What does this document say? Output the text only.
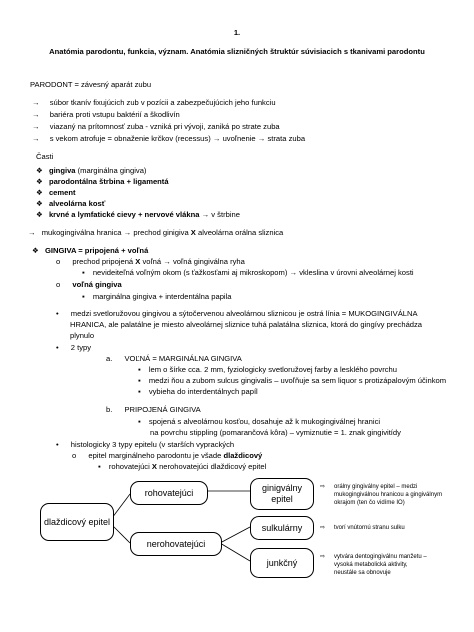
1.
Anatómia parodontu, funkcia, význam. Anatómia slizničných štruktúr súvisiacich s tkanivami parodontu
PARODONT = závesný aparát zubu
→ súbor tkanív fixujúcich zub v pozícii a zabezpečujúcich jeho funkciu
→ bariéra proti vstupu baktérií a škodlivín
→ viazaný na prítomnosť zuba - vzniká pri vývoji, zaniká po strate zuba
→ s vekom atrofuje = obnaženie krčkov (recessus) → uvoľnenie → strata zuba
Časti
❖ gingiva (marginálna gingiva)
❖ parodontálna štrbina + ligamentá
❖ cement
❖ alveolárna kosť
❖ krvné a lymfatické cievy + nervové vlákna → v štrbine
→ mukogingiválna hranica → prechod ginigiva X alveolárna orálna sliznica
❖ GINGIVA = pripojená + voľná
o prechod pripojená X voľná → voľná gingiválna ryha
▪ nevideiteľná voľným okom (s ťažkosťami aj mikroskopom) → vkleslina v úrovni alveolárnej kosti
o voľná gingiva
▪ marginálna gingiva + interdentálna papila
• medzi svetloružovou gingivou a sýtočervenou alveolárnou sliznicou je ostrá línia = MUKOGINGIVÁLNA
HRANICA, ale palatálne je miesto alveolárnej sliznice tuhá palatálna sliznica, ktorá do gingívy prechádza
plynulo
• 2 typy
a. VOĽNÁ = MARGINÁLNA GINGIVA
▪ lem o šírke cca. 2 mm, fyziologicky svetloružovej farby a lesklého povrchu
▪ medzi ňou a zubom sulcus gingivalis – uvoľňuje sa sem liquor s protizápalovým účinkom
▪ vybieha do interdentálnych papíl
b. PRIPOJENÁ GINGIVA
▪ spojená s alveolárnou kosťou, dosahuje až k mukogingiválnej hranici
na povrchu stippling (pomarančová kôra) – vymiznutie = 1. znak gingivitídy
• histologicky 3 typy epitelu (v starších vyprackých
o epitel marginálneho parodontu je všade dlaždicový
▪ rohovatejúci X nerohovatejúci dlaždicový epitel
dlaždicový epitel
rohovatejúci
nerohovatejúci
ginigválny epitel
sulkulárny
junkčný
⇨ orálny gingiválny epitel – medzi
mukogingiválnou hranicou a gingiválnym
okrajom (ten čo vidíme IO)
⇨ tvorí vnútornú stranu sulku
⇨ vytvára dentogingiválnu manžetu –
vysoká metabolická aktivity,
neustále sa obnovuje
